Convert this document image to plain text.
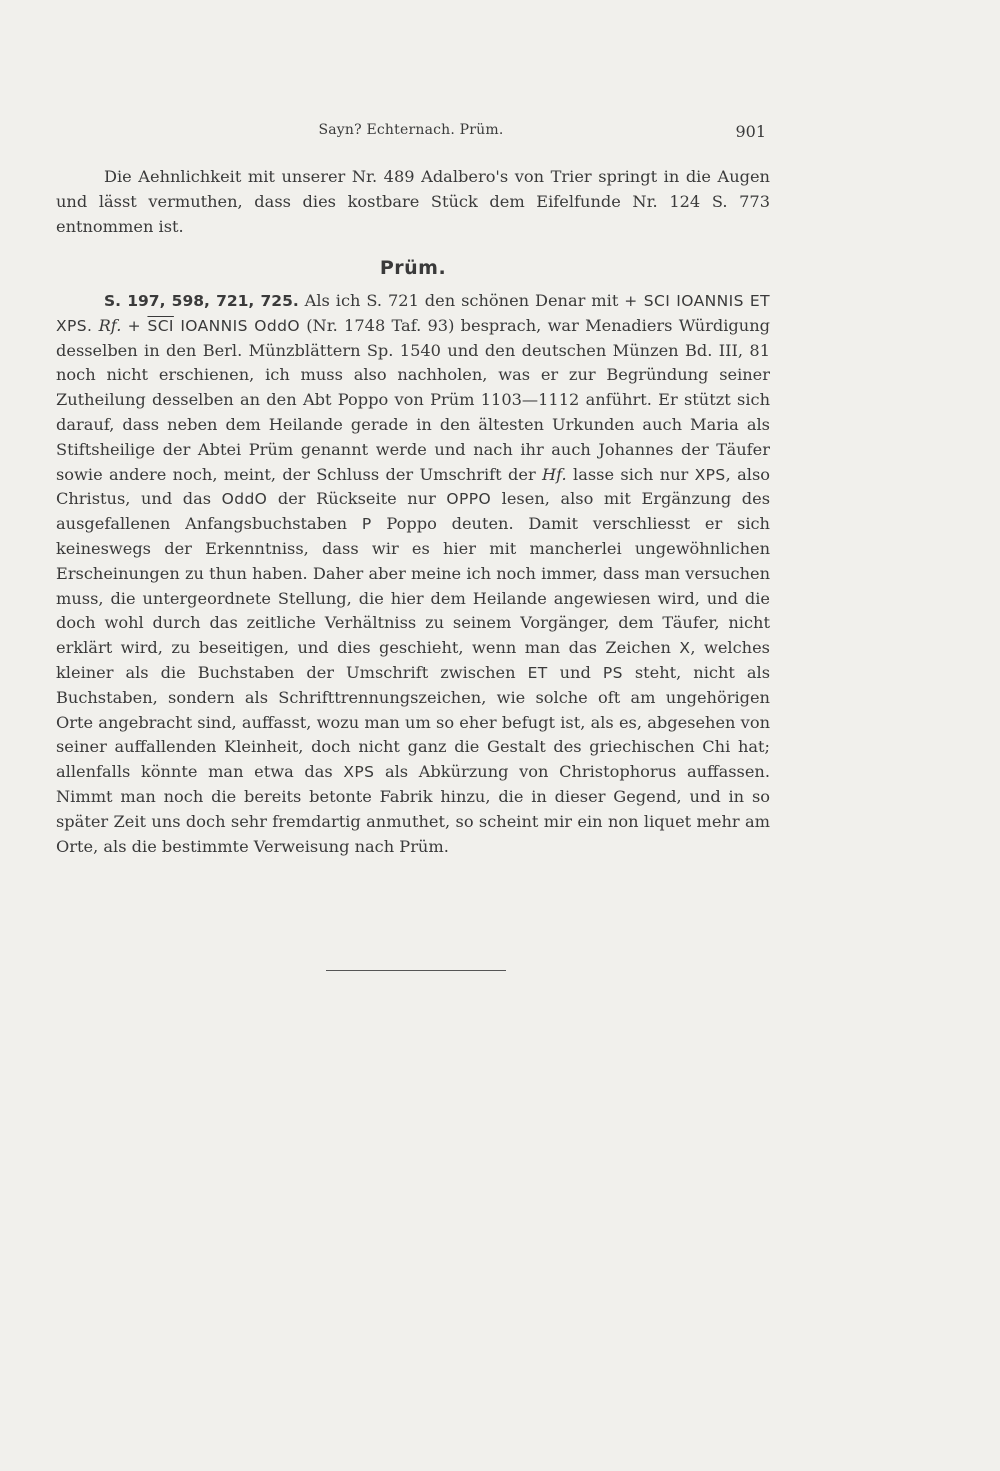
Sayn? Echternach. Prüm.	901

Die Aehnlichkeit mit unserer Nr. 489 Adalbero's von Trier springt in die Augen und lässt vermuthen, dass dies kostbare Stück dem Eifelfunde Nr. 124 S. 773 entnommen ist.

Prüm.

S. 197, 598, 721, 725. Als ich S. 721 den schönen Denar mit + SCI IOANNIS ET XPS. Rf. + $\overline{SCI}$ IOANNIS OddO (Nr. 1748 Taf. 93) besprach, war Menadiers Würdigung desselben in den Berl. Münzblättern Sp. 1540 und den deutschen Münzen Bd. III, 81 noch nicht erschienen, ich muss also nachholen, was er zur Begründung seiner Zutheilung desselben an den Abt Poppo von Prüm 1103—1112 anführt. Er stützt sich darauf, dass neben dem Heilande gerade in den ältesten Urkunden auch Maria als Stiftsheilige der Abtei Prüm genannt werde und nach ihr auch Johannes der Täufer sowie andere noch, meint, der Schluss der Umschrift der Hf. lasse sich nur XPS, also Christus, und das OddO der Rückseite nur OPPO lesen, also mit Ergänzung des ausgefallenen Anfangsbuchstaben P Poppo deuten. Damit verschliesst er sich keineswegs der Erkenntniss, dass wir es hier mit mancherlei ungewöhnlichen Erscheinungen zu thun haben. Daher aber meine ich noch immer, dass man versuchen muss, die untergeordnete Stellung, die hier dem Heilande angewiesen wird, und die doch wohl durch das zeitliche Verhältniss zu seinem Vorgänger, dem Täufer, nicht erklärt wird, zu beseitigen, und dies geschieht, wenn man das Zeichen X, welches kleiner als die Buchstaben der Umschrift zwischen ET und PS steht, nicht als Buchstaben, sondern als Schrifttrennungszeichen, wie solche oft am ungehörigen Orte angebracht sind, auffasst, wozu man um so eher befugt ist, als es, abgesehen von seiner auffallenden Kleinheit, doch nicht ganz die Gestalt des griechischen Chi hat; allenfalls könnte man etwa das XPS als Abkürzung von Christophorus auffassen. Nimmt man noch die bereits betonte Fabrik hinzu, die in dieser Gegend, und in so später Zeit uns doch sehr fremdartig anmuthet, so scheint mir ein non liquet mehr am Orte, als die bestimmte Verweisung nach Prüm.
